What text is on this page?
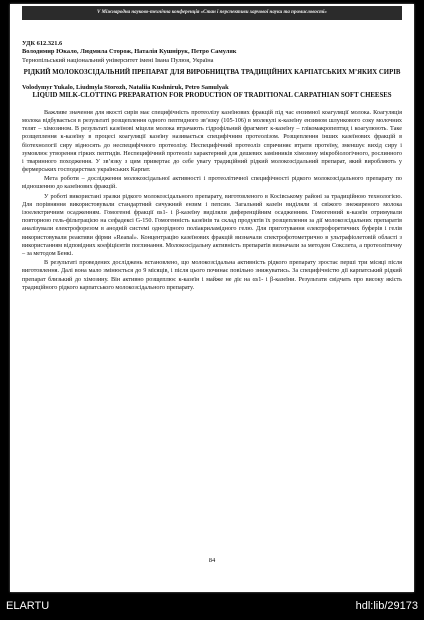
V Міжнародна науково-технічна конференція «Стан і перспективи харчової науки та промисловості»

УДК 612.321.6

Володимир Юкало, Людмила Сторож, Наталія Кушнірук, Петро Самуляк

Тернопільський національний університет імені Івана Пулюя, Україна

РІДКИЙ МОЛОКОЗСІДАЛЬНИЙ ПРЕПАРАТ ДЛЯ ВИРОБНИЦТВА ТРАДИЦІЙНИХ КАРПАТСЬКИХ М’ЯКИХ СИРІВ

Volodymyr Yukalo, Liudmyla Storozh, Nataliia Kushniruk, Petro Samulyak

LIQUID MILK-CLOTTING PREPARATION FOR PRODUCTION OF TRADITIONAL CARPATHIAN SOFT CHEESES

Важливе значення для якості сирів має специфічність протеолізу казеїнових фракцій під час ензимної коагуляції молока. Коагуляція молока відбувається в результаті розщеплення одного пептидного зв’язку (105-106) в молекулі к-казеїну ензимом шлункового соку молочних телят – хімозином. В результаті казеїнові міцели молока втрачають гідрофільний фрагмент к-казеїну – глікомакропептид і коагулюють. Таке розщеплення к-казеїну в процесі коагуляції казеїну називається специфічним протеолізом. Розщеплення інших казеїнових фракцій в біотехнології сиру відносять до неспецифічного протеолізу. Неспецифічний протеоліз спричиняє втрати протеїну, зменшує вихід сиру і зумовлює утворення гірких пептидів. Неспецифічний протеоліз характерний для дешевих замінників хімозину мікробіологічного, рослинного і тваринного походження. У зв’язку з цим привертає до себе увагу традиційний рідкий молокозсідальний препарат, який виробляють у фермерських господарствах українських Карпат.

Мета роботи – дослідження молокозсідальної активності і протеолітичної специфічності рідкого молокозсідального препарату по відношенню до казеїнових фракцій.

У роботі використані зразки рідкого молокозсідального препарату, виготовленого в Косівському районі за традиційною технологією. Для порівняння використовували стандартний сичужний ензим і пепсин. Загальний казеїн виділяли зі свіжого знежиреного молока ізоелектричним осадженням. Гомогенні фракції αs1- і β-казеїну виділяли диференційним осадженням. Гомогенний к-казеїн отримували повторною гель-фільтрацією на сефадексі G-150. Гомогенність казеїнів та склад продуктів їх розщеплення за дії молокозсідальних препаратів аналізували електрофорезом в анодній системі однорідного поліакриламідного гелю. Для приготування електрофоретичних буферів і гелів використовували реактиви фірми «Reanal». Концентрацію казеїнових фракцій визначали спектрофотометрично в ультрафіолетовій області з використанням відповідних коефіцієнтів поглинання. Молокозсідальну активність препаратів визначали за методом Сокслета, а протеолітичну – за методом Бенкі.

В результаті проведених досліджень встановлено, що молокозсідальна активність рідкого препарату зростає перші три місяці після виготовлення. Далі вона мало змінюється до 9 місяців, і після цього починає повільно знижуватись. За специфічністю дії карпатський рідкий препарат близький до хімозину. Він активно розщеплює к-казеїн і майже не діє на αs1- і β-казеїни. Результати свідчать про високу якість традиційного рідкого карпатського молокозсідального препарату.

84
ELARTU	hdl:lib/29173
